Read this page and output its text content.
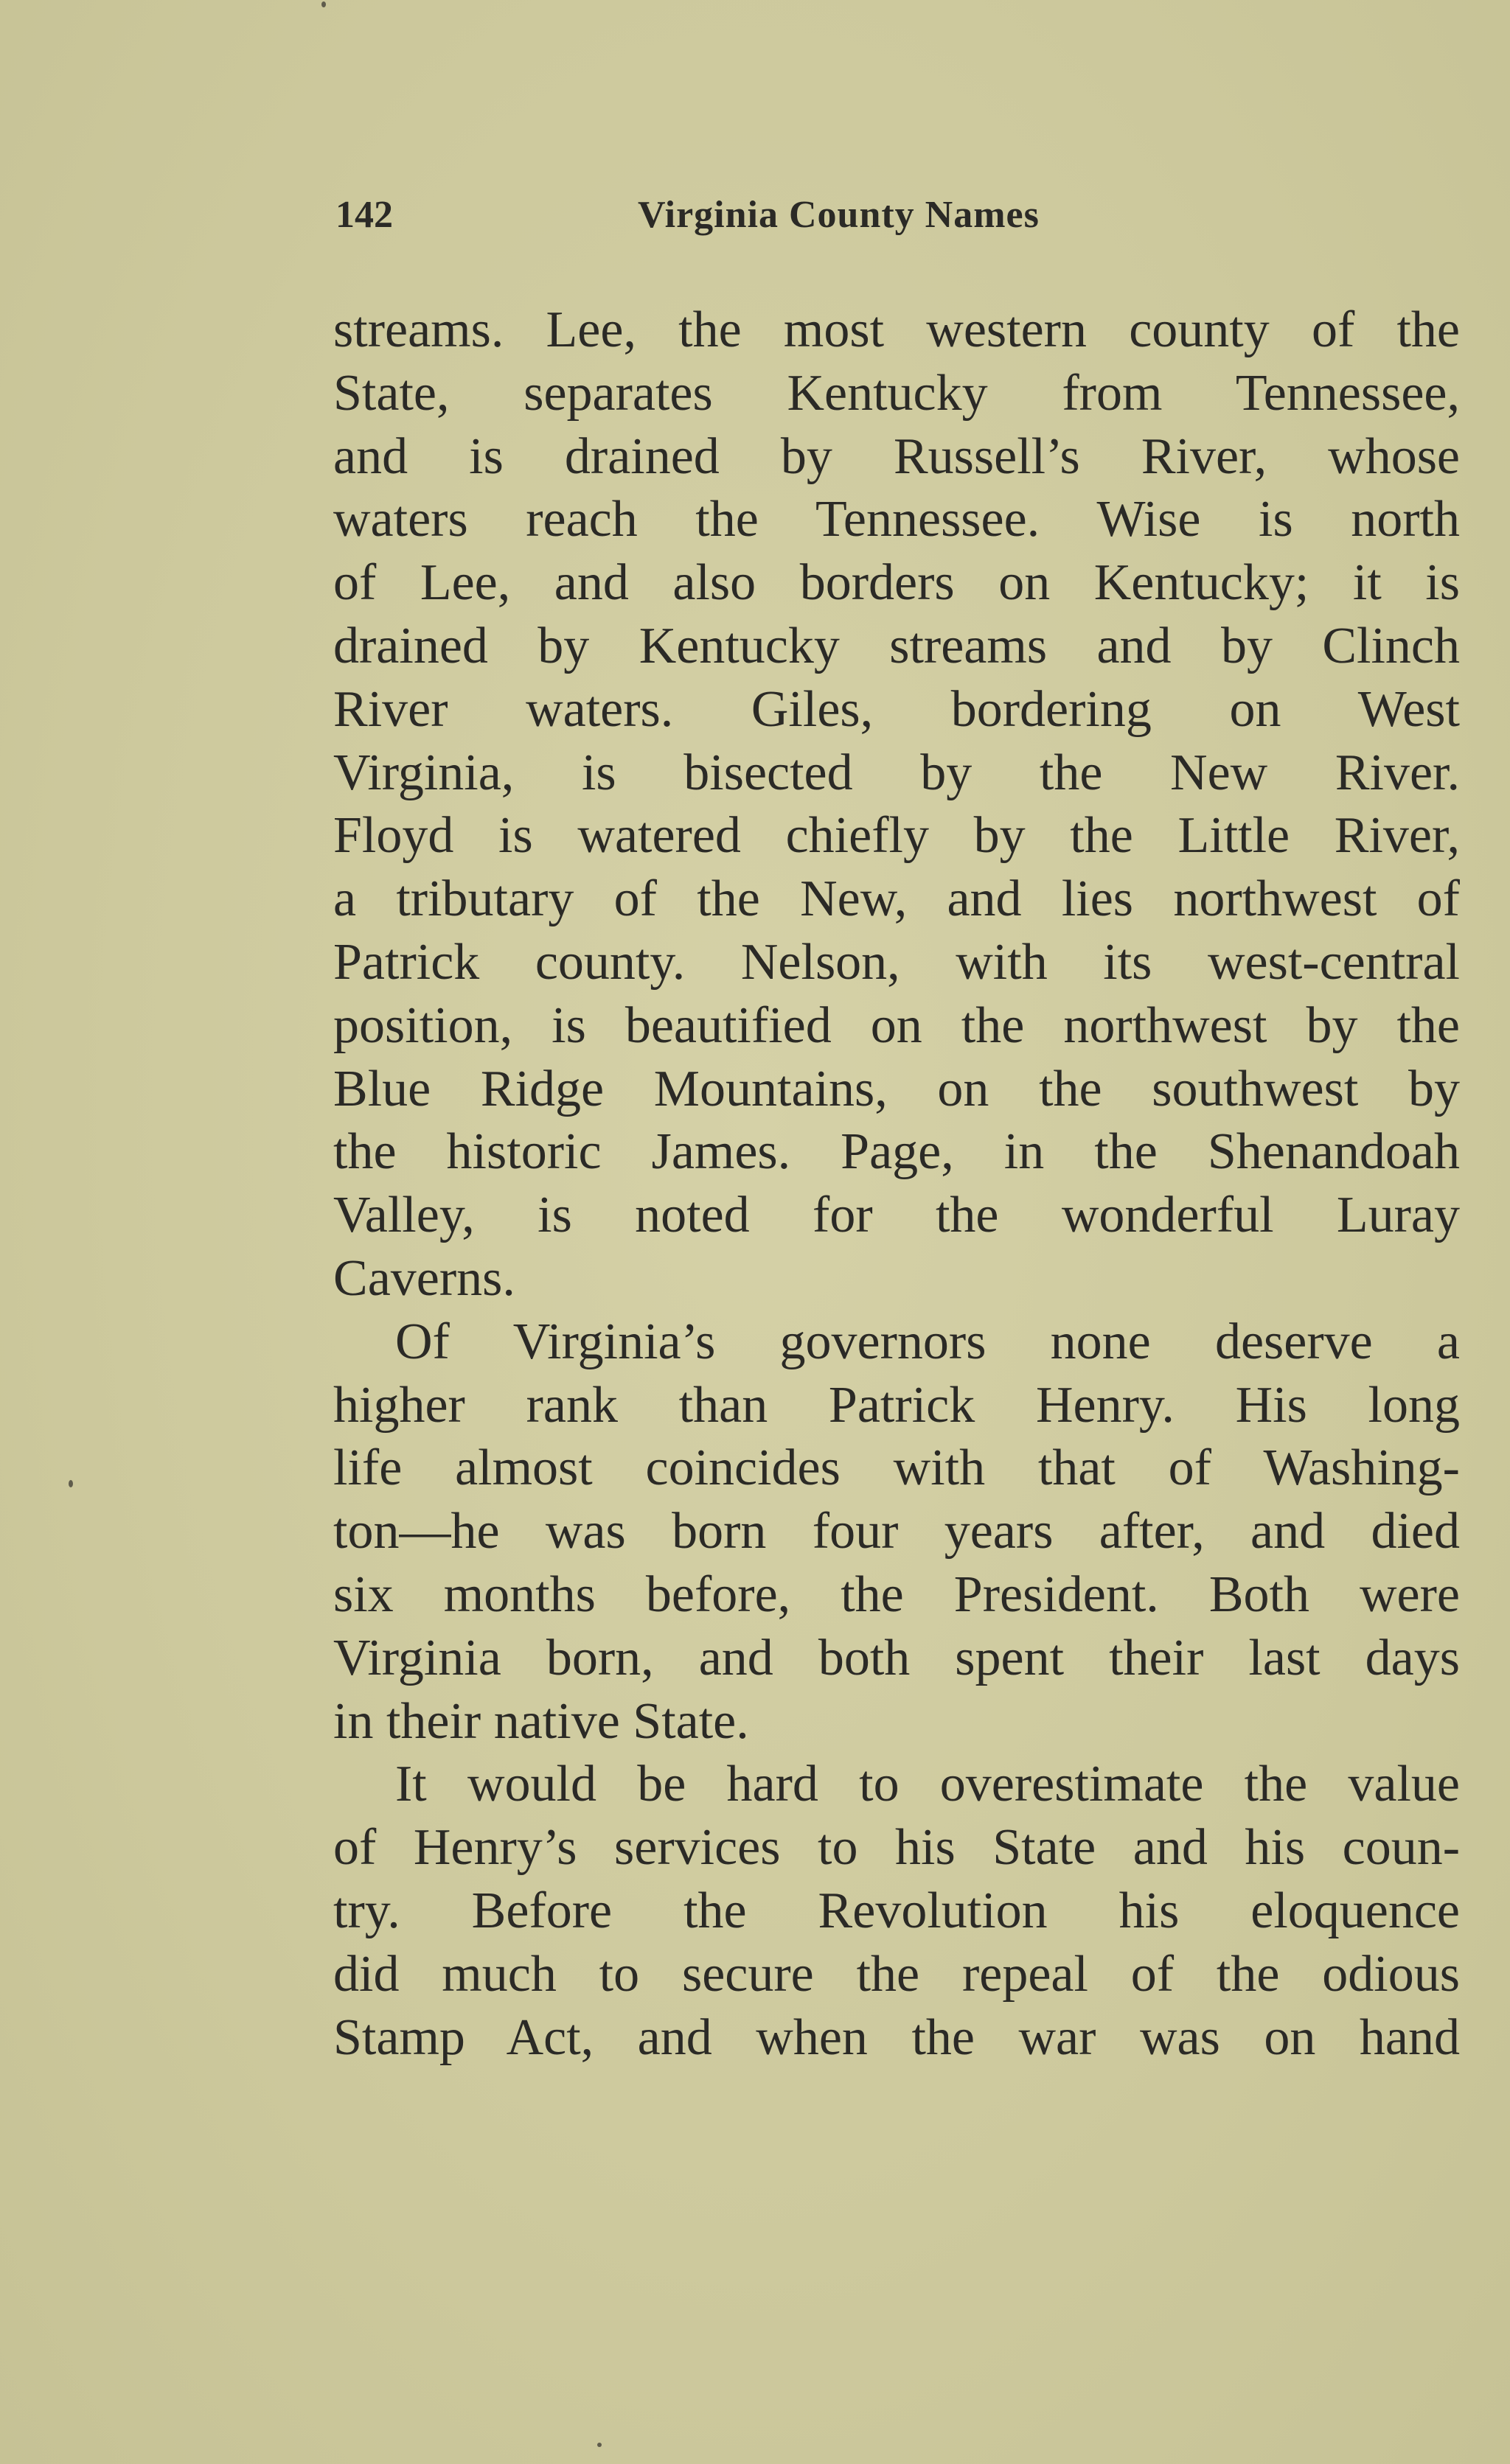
142	Virginia County Names
streams. Lee, the most western county of the
State, separates Kentucky from Tennessee,
and is drained by Russell’s River, whose
waters reach the Tennessee. Wise is north
of Lee, and also borders on Kentucky; it is
drained by Kentucky streams and by Clinch
River waters. Giles, bordering on West
Virginia, is bisected by the New River.
Floyd is watered chiefly by the Little River,
a tributary of the New, and lies northwest of
Patrick county. Nelson, with its west-central
position, is beautified on the northwest by the
Blue Ridge Mountains, on the southwest by
the historic James. Page, in the Shenandoah
Valley, is noted for the wonderful Luray
Caverns.
Of Virginia’s governors none deserve a
higher rank than Patrick Henry. His long
life almost coincides with that of Washing-
ton—he was born four years after, and died
six months before, the President. Both were
Virginia born, and both spent their last days
in their native State.
It would be hard to overestimate the value
of Henry’s services to his State and his coun-
try. Before the Revolution his eloquence
did much to secure the repeal of the odious
Stamp Act, and when the war was on hand
